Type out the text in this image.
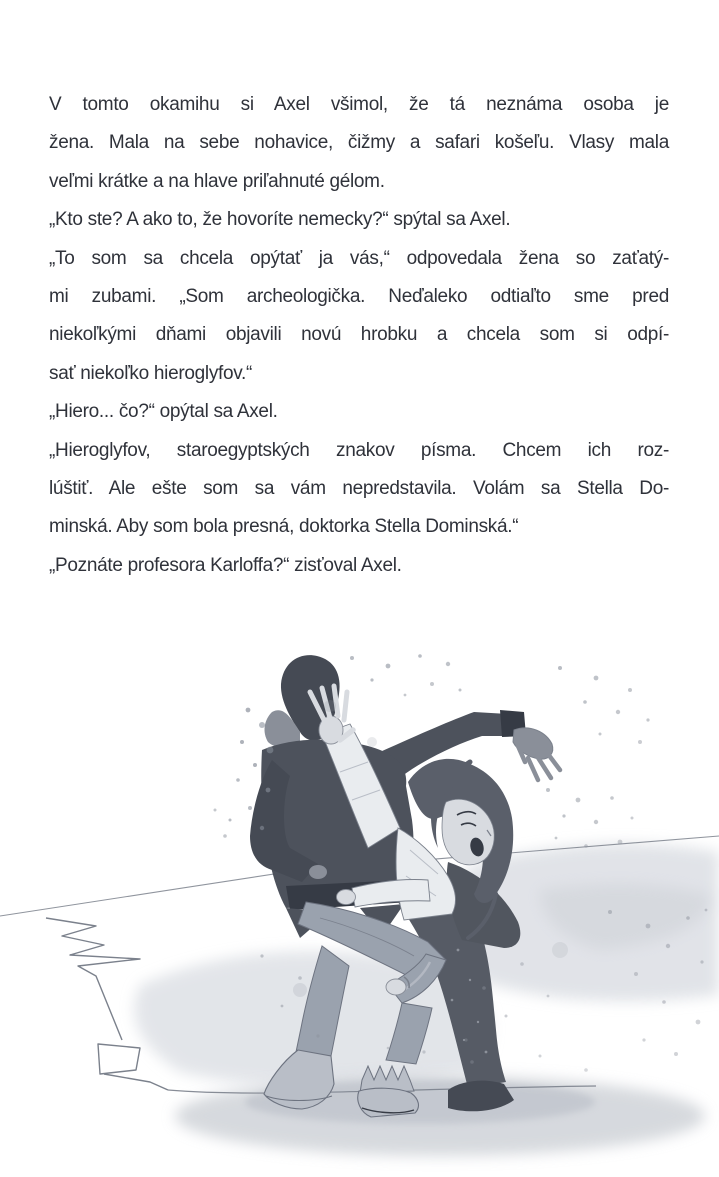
V tomto okamihu si Axel všimol, že tá neznáma osoba je
žena. Mala na sebe nohavice, čižmy a safari košeľu. Vlasy mala
veľmi krátke a na hlave priľahnuté gélom.
„Kto ste? A ako to, že hovoríte nemecky?“ spýtal sa Axel.
„To som sa chcela opýtať ja vás,“ odpovedala žena so zaťatý-
mi zubami. „Som archeologička. Neďaleko odtiaľto sme pred
niekoľkými dňami objavili novú hrobku a chcela som si odpí-
sať niekoľko hieroglyfov.“
„Hiero... čo?“ opýtal sa Axel.
„Hieroglyfov, staroegyptských znakov písma. Chcem ich roz-
lúštiť. Ale ešte som sa vám nepredstavila. Volám sa Stella Do-
minská. Aby som bola presná, doktorka Stella Dominská.“
„Poznáte profesora Karloffa?“ zisťoval Axel.
